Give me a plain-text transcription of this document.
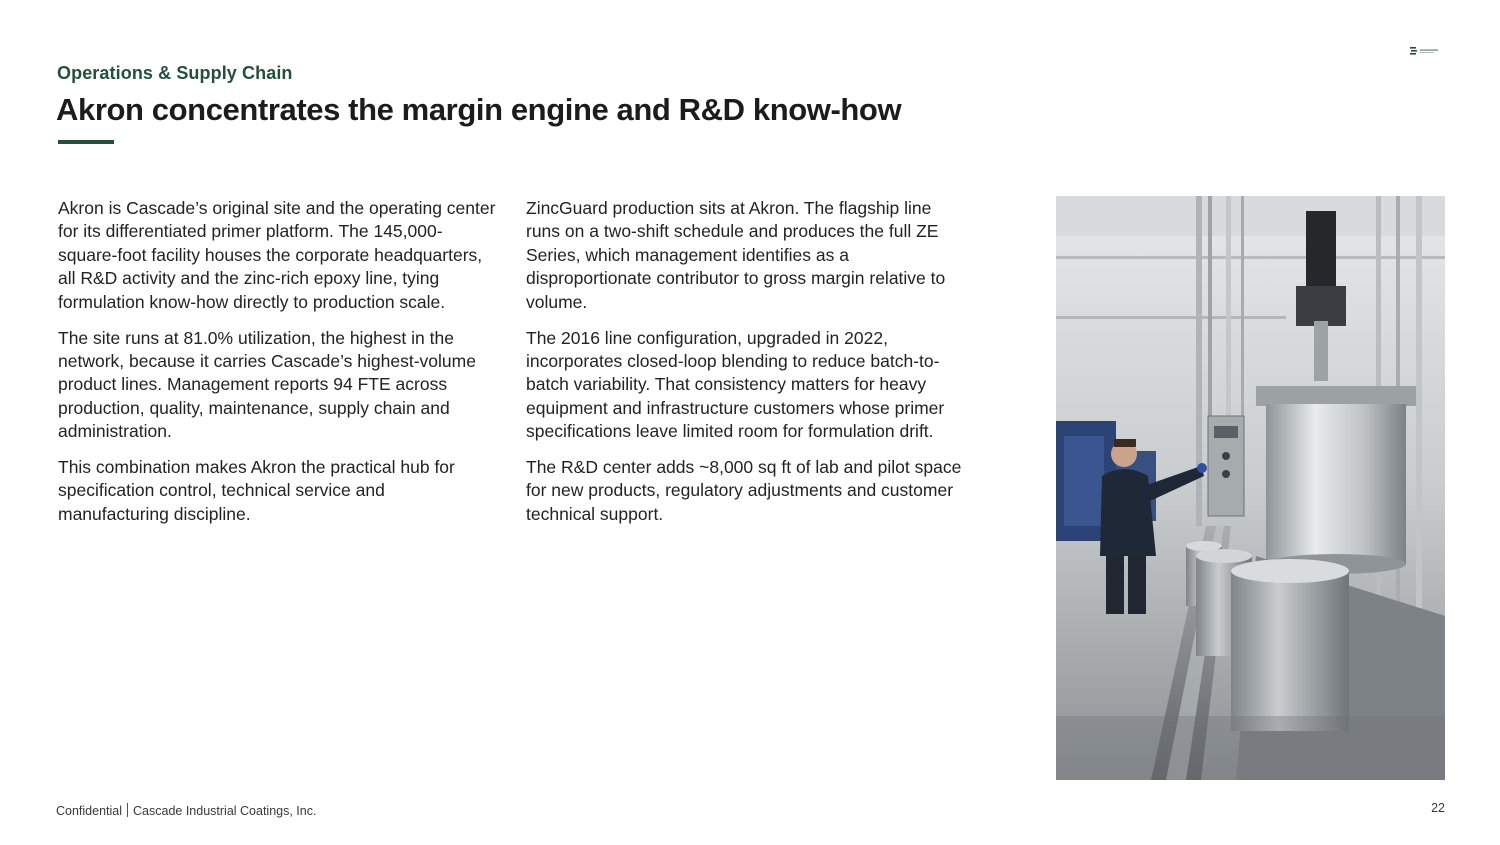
Operations & Supply Chain
Akron concentrates the margin engine and R&D know-how

Akron is Cascade’s original site and the operating center for its differentiated primer platform. The 145,000-square-foot facility houses the corporate headquarters, all R&D activity and the zinc-rich epoxy line, tying formulation know-how directly to production scale.

The site runs at 81.0% utilization, the highest in the network, because it carries Cascade’s highest-volume product lines. Management reports 94 FTE across production, quality, maintenance, supply chain and administration.

This combination makes Akron the practical hub for specification control, technical service and manufacturing discipline.

ZincGuard production sits at Akron. The flagship line runs on a two-shift schedule and produces the full ZE Series, which management identifies as a disproportionate contributor to gross margin relative to volume.

The 2016 line configuration, upgraded in 2022, incorporates closed-loop blending to reduce batch-to-batch variability. That consistency matters for heavy equipment and infrastructure customers whose primer specifications leave limited room for formulation drift.

The R&D center adds ~8,000 sq ft of lab and pilot space for new products, regulatory adjustments and customer technical support.

Confidential Cascade Industrial Coatings, Inc.	22
